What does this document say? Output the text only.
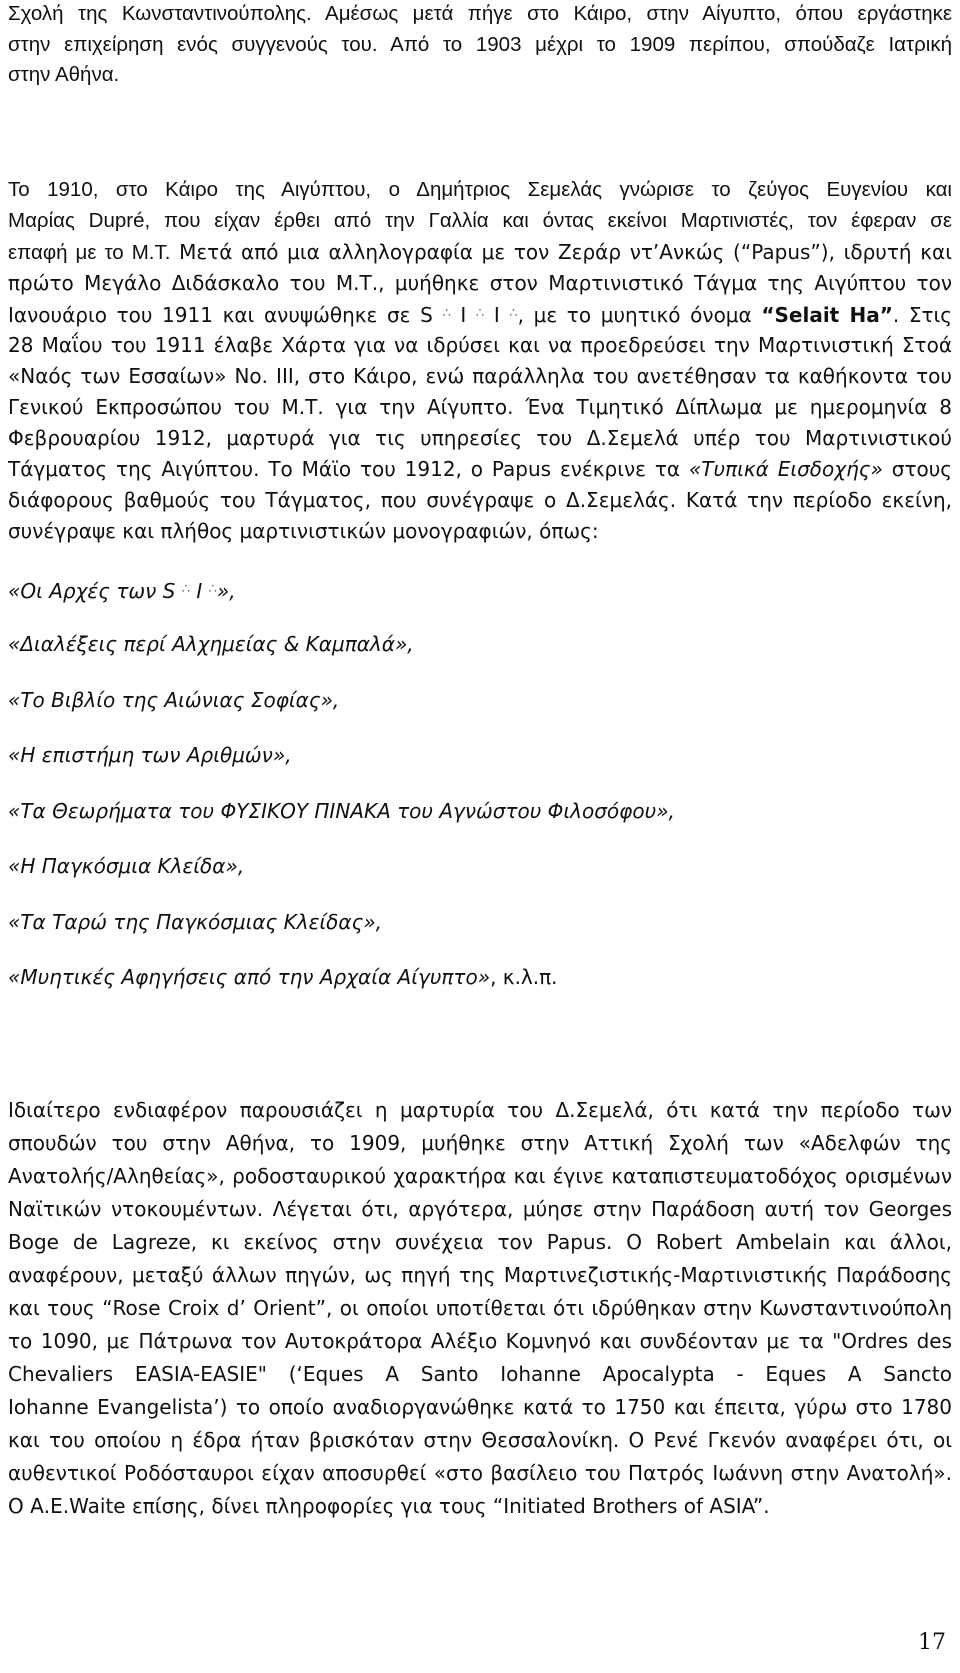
Σχολή της Κωνσταντινούπολης. Αμέσως μετά πήγε στο Κάιρο, στην Αίγυπτο, όπου εργάστηκε
στην επιχείρηση ενός συγγενούς του. Από το 1903 μέχρι το 1909 περίπου, σπούδαζε Ιατρική
στην Αθήνα.
Το 1910, στο Κάιρο της Αιγύπτου, ο Δημήτριος Σεμελάς γνώρισε το ζεύγος Ευγενίου και
Μαρίας Dupré, που είχαν έρθει από την Γαλλία και όντας εκείνοι Μαρτινιστές, τον έφεραν σε
επαφή με το Μ.Τ. Μετά από μια αλληλογραφία με τον Ζεράρ ντ’Ανκώς (“Papus”), ιδρυτή και
πρώτο Μεγάλο Διδάσκαλο του Μ.Τ., μυήθηκε στον Μαρτινιστικό Τάγμα της Αιγύπτου τον
Ιανουάριο του 1911 και ανυψώθηκε σε S ∴ I ∴ I ∴, με το μυητικό όνομα “Selait Ha”. Στις
28 Μαΐου του 1911 έλαβε Χάρτα για να ιδρύσει και να προεδρεύσει την Μαρτινιστική Στοά
«Ναός των Εσσαίων» Νο. III, στο Κάιρο, ενώ παράλληλα του ανετέθησαν τα καθήκοντα του
Γενικού Εκπροσώπου του Μ.Τ. για την Αίγυπτο. Ένα Τιμητικό Δίπλωμα με ημερομηνία 8
Φεβρουαρίου 1912, μαρτυρά για τις υπηρεσίες του Δ.Σεμελά υπέρ του Μαρτινιστικού
Τάγματος της Αιγύπτου. Το Μάϊο του 1912, ο Papus ενέκρινε τα «Τυπικά Εισδοχής» στους
διάφορους βαθμούς του Τάγματος, που συνέγραψε ο Δ.Σεμελάς. Κατά την περίοδο εκείνη,
συνέγραψε και πλήθος μαρτινιστικών μονογραφιών, όπως:
«Οι Αρχές των S ∴ I ∴»,
«Διαλέξεις περί Αλχημείας & Καμπαλά»,
«Το Βιβλίο της Αιώνιας Σοφίας»,
«Η επιστήμη των Αριθμών»,
«Τα Θεωρήματα του ΦΥΣΙΚΟΥ ΠΙΝΑΚΑ του Αγνώστου Φιλοσόφου»,
«Η Παγκόσμια Κλείδα»,
«Τα Ταρώ της Παγκόσμιας Κλείδας»,
«Μυητικές Αφηγήσεις από την Αρχαία Αίγυπτο», κ.λ.π.
Ιδιαίτερο ενδιαφέρον παρουσιάζει η μαρτυρία του Δ.Σεμελά, ότι κατά την περίοδο των
σπουδών του στην Αθήνα, το 1909, μυήθηκε στην Αττική Σχολή των «Αδελφών της
Ανατολής/Αληθείας», ροδοσταυρικού χαρακτήρα και έγινε καταπιστευματοδόχος ορισμένων
Ναϊτικών ντοκουμέντων. Λέγεται ότι, αργότερα, μύησε στην Παράδοση αυτή τον Georges
Boge de Lagreze, κι εκείνος στην συνέχεια τον Papus. Ο Robert Ambelain και άλλοι,
αναφέρουν, μεταξύ άλλων πηγών, ως πηγή της Μαρτινεζιστικής-Μαρτινιστικής Παράδοσης
και τους “Rose Croix d’ Orient”, οι οποίοι υποτίθεται ότι ιδρύθηκαν στην Κωνσταντινούπολη
το 1090, με Πάτρωνα τον Αυτοκράτορα Αλέξιο Κομνηνό και συνδέονταν με τα "Ordres des
Chevaliers EASIA-EASIE" (‘Eques A Santo Iohanne Apocalypta - Eques A Sancto
Iohanne Evangelista’) το οποίο αναδιοργανώθηκε κατά το 1750 και έπειτα, γύρω στο 1780
και του οποίου η έδρα ήταν βρισκόταν στην Θεσσαλονίκη. Ο Ρενέ Γκενόν αναφέρει ότι, οι
αυθεντικοί Ροδόσταυροι είχαν αποσυρθεί «στο βασίλειο του Πατρός Ιωάννη στην Ανατολή».
Ο Α.Ε.Waite επίσης, δίνει πληροφορίες για τους “Initiated Brothers of ASIA”.
17
